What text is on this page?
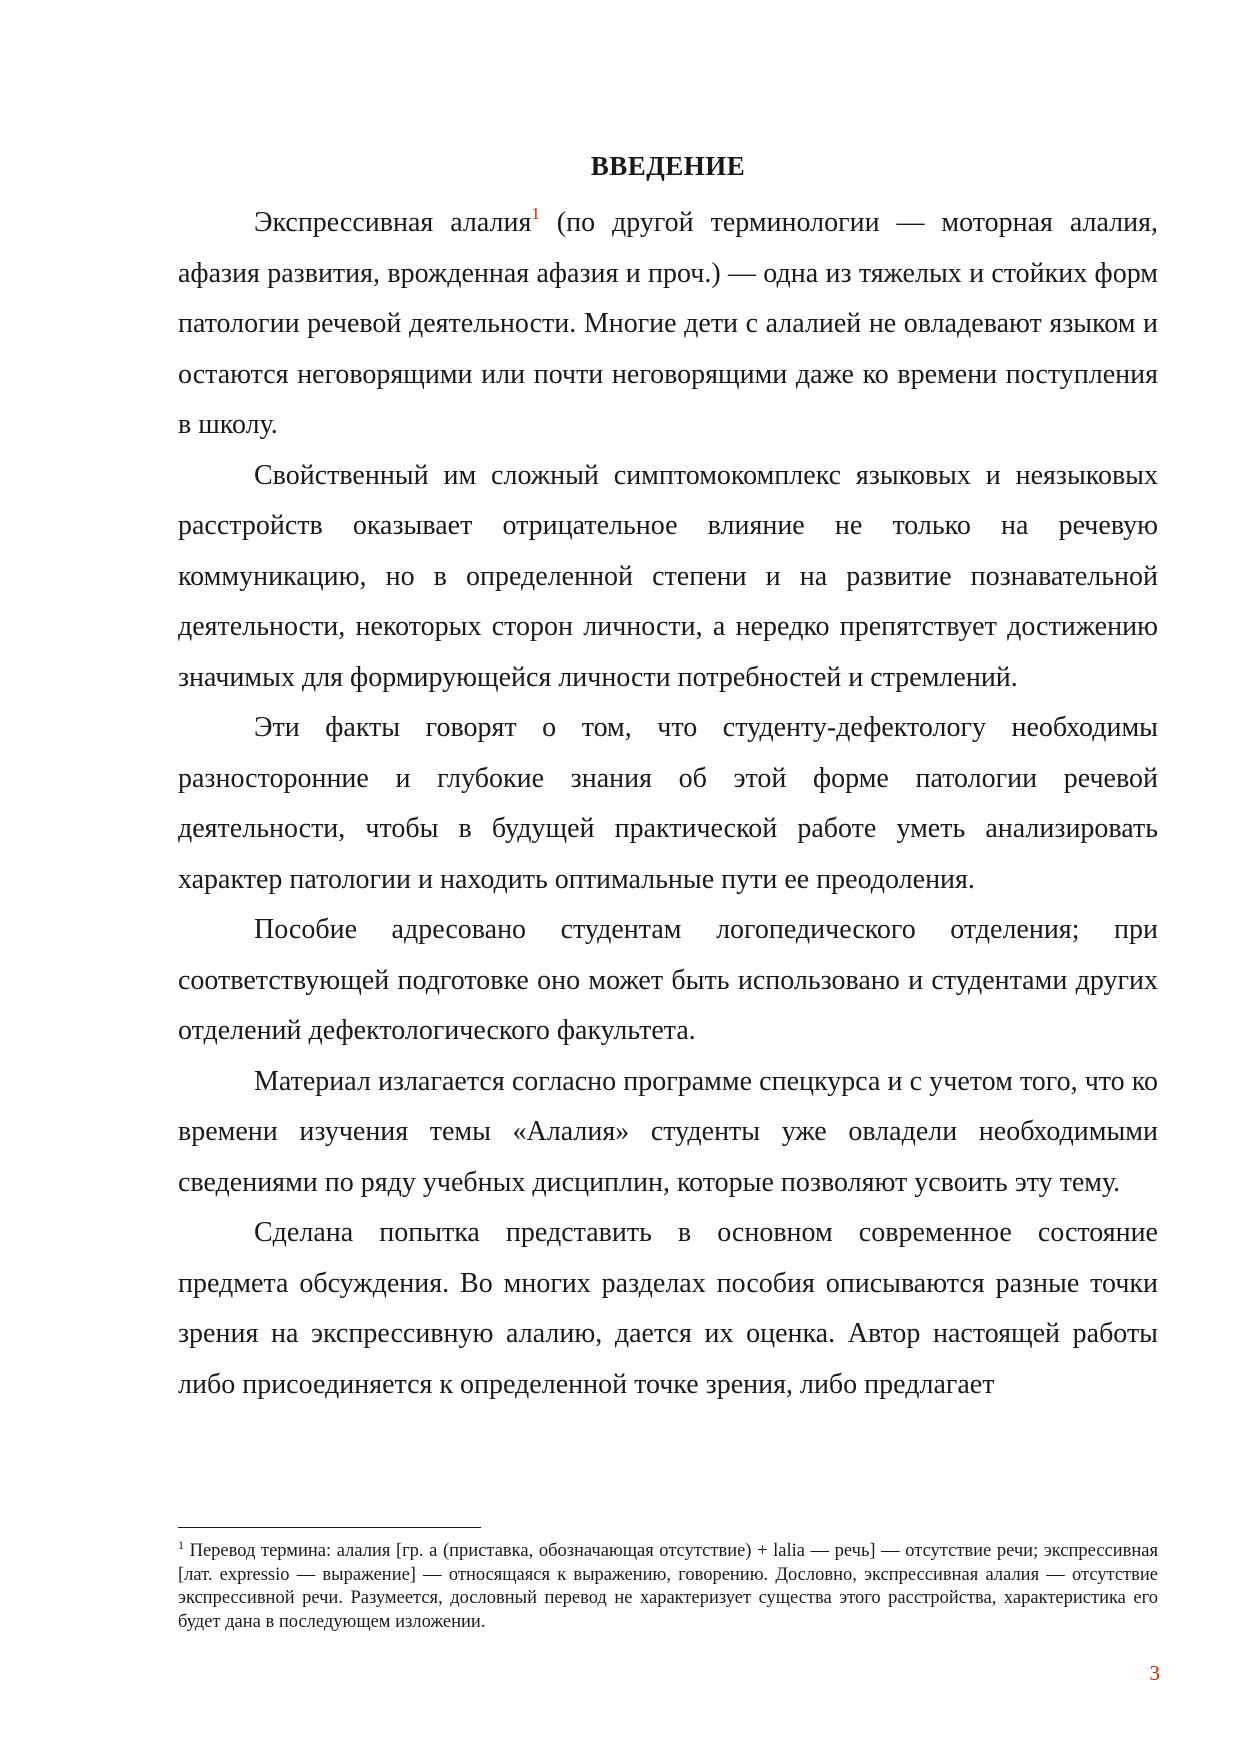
ВВЕДЕНИЕ

Экспрессивная алалия$^1$ (по другой терминологии — моторная алалия, афазия развития, врожденная афазия и проч.) — одна из тяжелых и стойких форм патологии речевой деятельности. Многие дети с алалией не овладевают языком и остаются неговорящими или почти неговорящими даже ко времени поступления в школу.

Свойственный им сложный симптомокомплекс языковых и неязыковых расстройств оказывает отрицательное влияние не только на речевую коммуникацию, но в определенной степени и на развитие познавательной деятельности, некоторых сторон личности, а нередко препятствует достижению значимых для формирующейся личности потребностей и стремлений.

Эти факты говорят о том, что студенту-дефектологу необходимы разносторонние и глубокие знания об этой форме патологии речевой деятельности, чтобы в будущей практической работе уметь анализировать характер патологии и находить оптимальные пути ее преодоления.

Пособие адресовано студентам логопедического отделения; при соответствующей подготовке оно может быть использовано и студентами других отделений дефектологического факультета.

Материал излагается согласно программе спецкурса и с учетом того, что ко времени изучения темы «Алалия» студенты уже овладели необходимыми сведениями по ряду учебных дисциплин, которые позволяют усвоить эту тему.

Сделана попытка представить в основном современное состояние предмета обсуждения. Во многих разделах пособия описываются разные точки зрения на экспрессивную алалию, дается их оценка. Автор настоящей работы либо присоединяется к определенной точке зрения, либо предлагает

$^1$ Перевод термина: алалия [гр. а (приставка, обозначающая отсутствие) + lalia — речь] — отсутствие речи; экспрессивная [лат. expressio — выражение] — относящаяся к выражению, говорению. Дословно, экспрессивная алалия — отсутствие экспрессивной речи. Разумеется, дословный перевод не характеризует существа этого расстройства, характеристика его будет дана в последующем изложении.

3
